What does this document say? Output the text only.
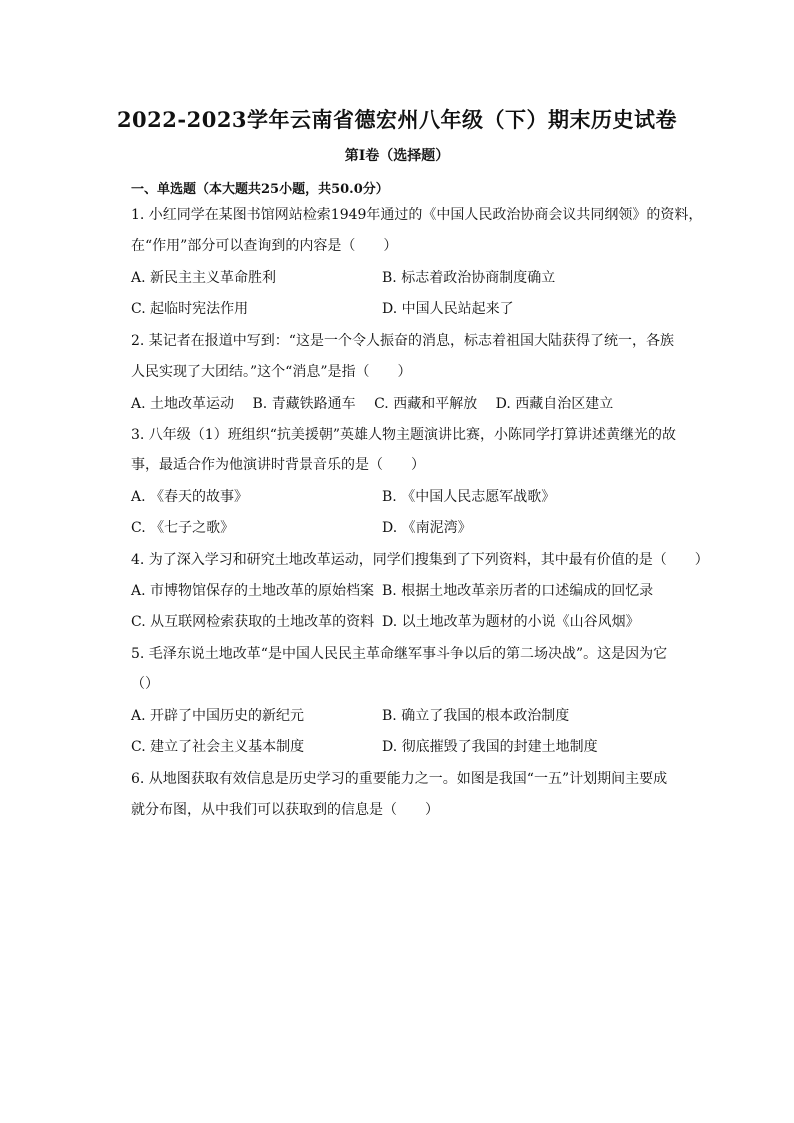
2022-2023学年云南省德宏州八年级（下）期末历史试卷
第I卷（选择题）
一、单选题（本大题共25小题，共50.0分）
1. 小红同学在某图书馆网站检索1949年通过的《中国人民政治协商会议共同纲领》的资料，
在“作用”部分可以查询到的内容是（　　）
A. 新民主主义革命胜利	B. 标志着政治协商制度确立
C. 起临时宪法作用	D. 中国人民站起来了
2. 某记者在报道中写到：“这是一个令人振奋的消息，标志着祖国大陆获得了统一，各族
人民实现了大团结。”这个“消息”是指（　　）
A. 土地改革运动　 B. 青藏铁路通车　 C. 西藏和平解放　 D. 西藏自治区建立
3. 八年级（1）班组织“抗美援朝”英雄人物主题演讲比赛，小陈同学打算讲述黄继光的故
事，最适合作为他演讲时背景音乐的是（　　）
A. 《春天的故事》	B. 《中国人民志愿军战歌》
C. 《七子之歌》	D. 《南泥湾》
4. 为了深入学习和研究土地改革运动，同学们搜集到了下列资料，其中最有价值的是（　　）
A. 市博物馆保存的土地改革的原始档案 B. 根据土地改革亲历者的口述编成的回忆录
C. 从互联网检索获取的土地改革的资料 D. 以土地改革为题材的小说《山谷风烟》
5. 毛泽东说土地改革“是中国人民民主革命继军事斗争以后的第二场决战”。这是因为它
（）
A. 开辟了中国历史的新纪元	B. 确立了我国的根本政治制度
C. 建立了社会主义基本制度	D. 彻底摧毁了我国的封建土地制度
6. 从地图获取有效信息是历史学习的重要能力之一。如图是我国“一五”计划期间主要成
就分布图，从中我们可以获取到的信息是（　　）
